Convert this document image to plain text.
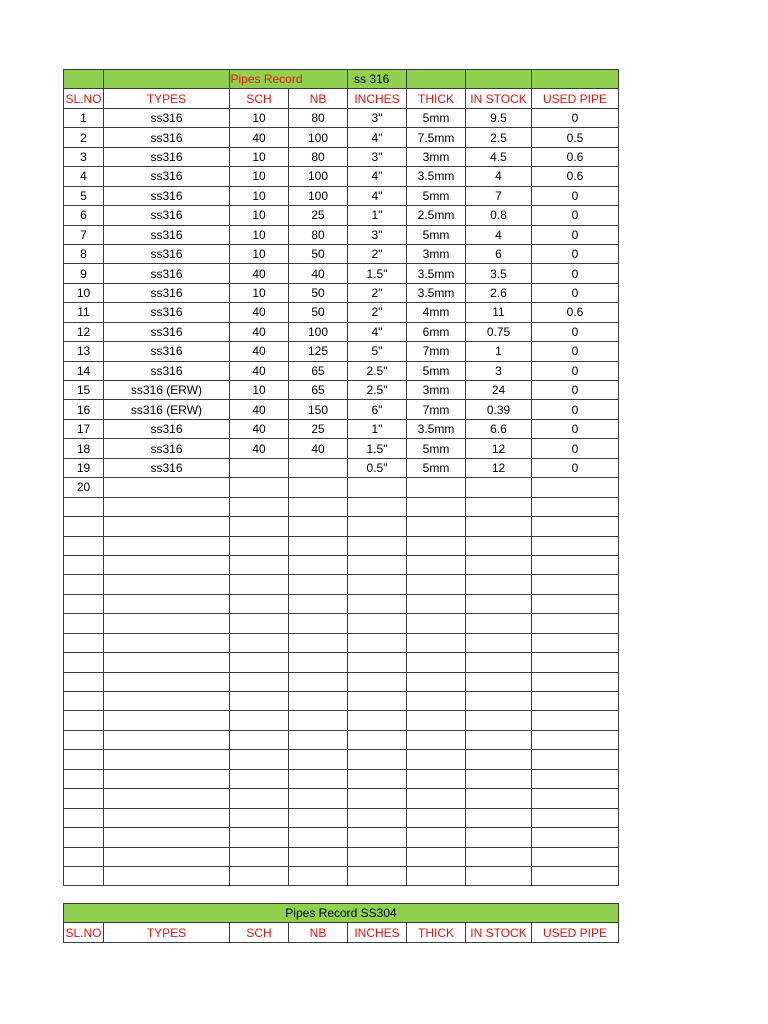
		Pipes Record		ss 316			
SL.NO	TYPES	SCH	NB	INCHES	THICK	IN STOCK	USED PIPE
1	ss316	10	80	3"	5mm	9.5	0
2	ss316	40	100	4"	7.5mm	2.5	0.5
3	ss316	10	80	3"	3mm	4.5	0.6
4	ss316	10	100	4"	3.5mm	4	0.6
5	ss316	10	100	4"	5mm	7	0
6	ss316	10	25	1"	2.5mm	0.8	0
7	ss316	10	80	3"	5mm	4	0
8	ss316	10	50	2"	3mm	6	0
9	ss316	40	40	1.5"	3.5mm	3.5	0
10	ss316	10	50	2"	3.5mm	2.6	0
11	ss316	40	50	2"	4mm	11	0.6
12	ss316	40	100	4"	6mm	0.75	0
13	ss316	40	125	5"	7mm	1	0
14	ss316	40	65	2.5"	5mm	3	0
15	ss316 (ERW)	10	65	2.5"	3mm	24	0
16	ss316 (ERW)	40	150	6"	7mm	0.39	0
17	ss316	40	25	1"	3.5mm	6.6	0
18	ss316	40	40	1.5"	5mm	12	0
19	ss316			0.5"	5mm	12	0
20							

Pipes Record SS304
SL.NO	TYPES	SCH	NB	INCHES	THICK	IN STOCK	USED PIPE
